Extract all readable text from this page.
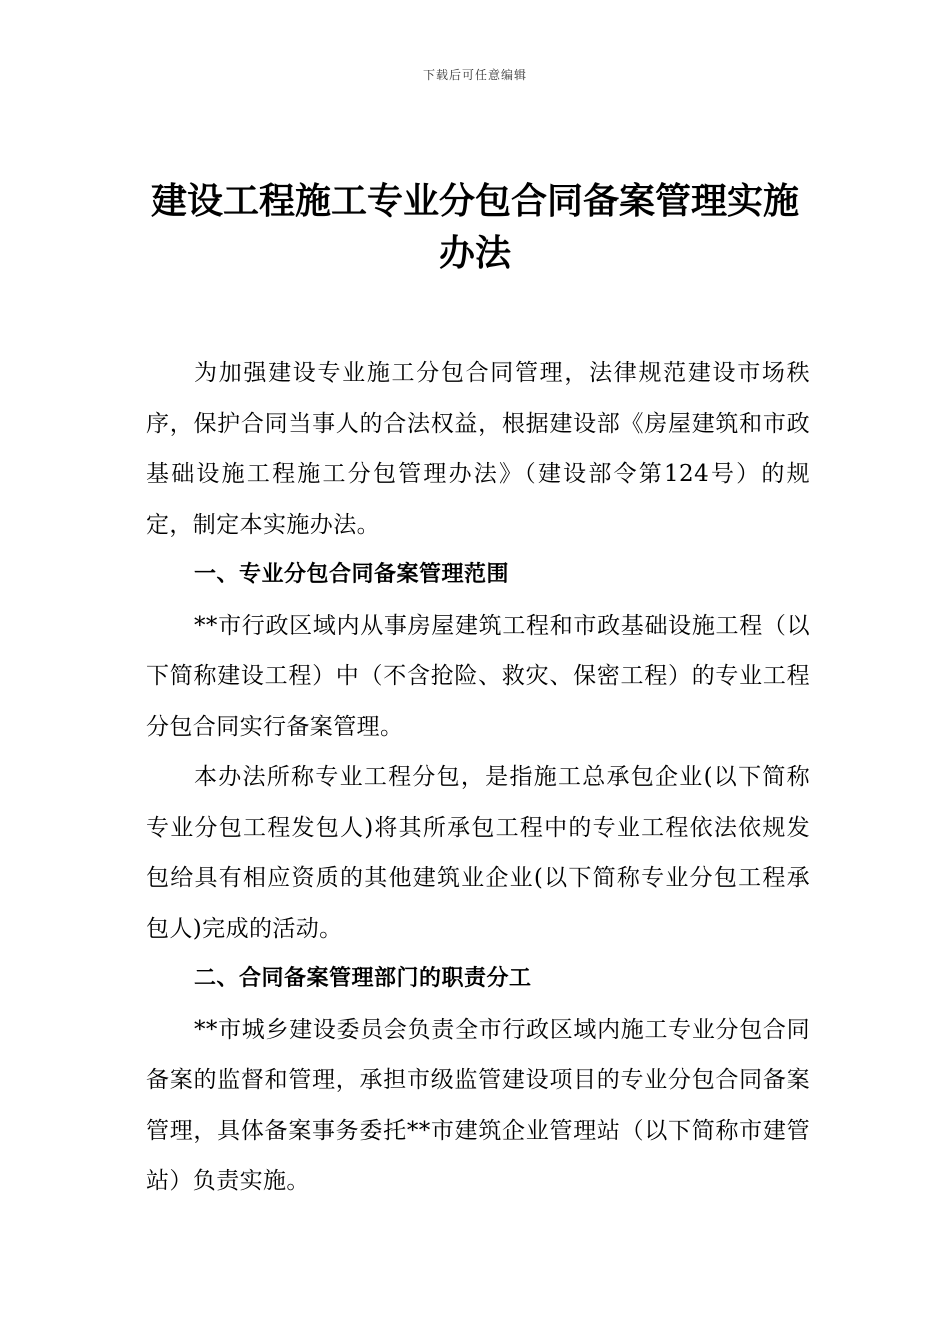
下载后可任意编辑
建设工程施工专业分包合同备案管理实施办法

为加强建设专业施工分包合同管理，法律规范建设市场秩序，保护合同当事人的合法权益，根据建设部《房屋建筑和市政基础设施工程施工分包管理办法》（建设部令第124号）的规定，制定本实施办法。

一、专业分包合同备案管理范围

**市行政区域内从事房屋建筑工程和市政基础设施工程（以下简称建设工程）中（不含抢险、救灾、保密工程）的专业工程分包合同实行备案管理。

本办法所称专业工程分包，是指施工总承包企业(以下简称专业分包工程发包人)将其所承包工程中的专业工程依法依规发包给具有相应资质的其他建筑业企业(以下简称专业分包工程承包人)完成的活动。

二、合同备案管理部门的职责分工

**市城乡建设委员会负责全市行政区域内施工专业分包合同备案的监督和管理，承担市级监管建设项目的专业分包合同备案管理，具体备案事务委托**市建筑企业管理站（以下简称市建管站）负责实施。
